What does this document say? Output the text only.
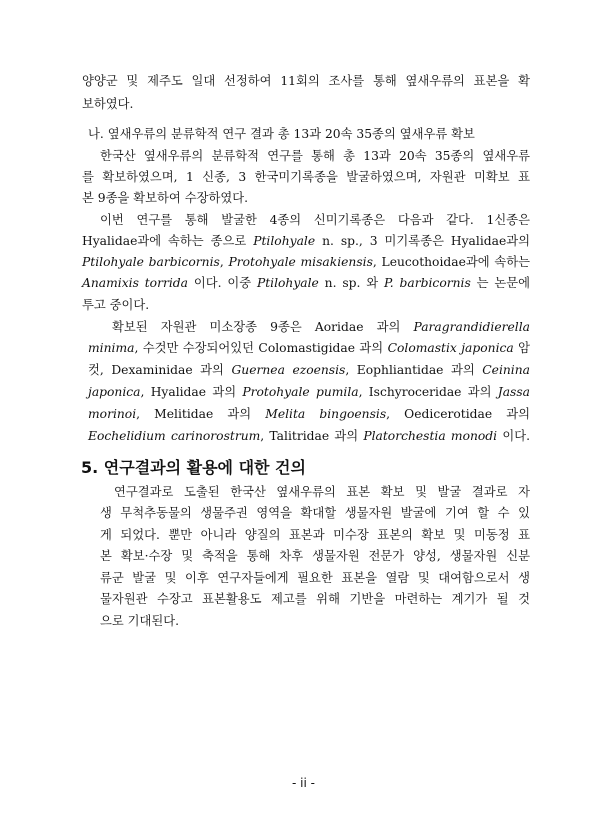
양양군 및 제주도 일대 선정하여 11회의 조사를 통해 옆새우류의 표본을 확
보하였다.
나. 옆새우류의 분류학적 연구 결과 총 13과 20속 35종의 옆새우류 확보
한국산 옆새우류의 분류학적 연구를 통해 총 13과 20속 35종의 옆새우류
를 확보하였으며, 1 신종, 3 한국미기록종을 발굴하였으며, 자원관 미확보 표
본 9종을 확보하여 수장하였다.
이번 연구를 통해 발굴한 4종의 신미기록종은 다음과 같다. 1신종은
Hyalidae과에 속하는 종으로 Ptilohyale n. sp., 3 미기록종은 Hyalidae과의
Ptilohyale barbicornis, Protohyale misakiensis, Leucothoidae과에 속하는
Anamixis torrida 이다. 이중 Ptilohyale n. sp. 와 P. barbicornis 는 논문에
투고 중이다.
확보된 자원관 미소장종 9종은 Aoridae 과의 Paragrandidierella
minima, 수것만 수장되어있던 Colomastigidae 과의 Colomastix japonica 암
컷, Dexaminidae 과의 Guernea ezoensis, Eophliantidae 과의 Ceinina
japonica, Hyalidae 과의 Protohyale pumila, Ischyroceridae 과의 Jassa
morinoi, Melitidae 과의 Melita bingoensis, Oedicerotidae 과의
Eochelidium carinorostrum, Talitridae 과의 Platorchestia monodi 이다.
5. 연구결과의 활용에 대한 건의
연구결과로 도출된 한국산 옆새우류의 표본 확보 및 발굴 결과로 자
생 무척추동물의 생물주권 영역을 확대할 생물자원 발굴에 기여 할 수 있
게 되었다. 뿐만 아니라 양질의 표본과 미수장 표본의 확보 및 미동정 표
본 확보·수장 및 축적을 통해 차후 생물자원 전문가 양성, 생물자원 신분
류군 발굴 및 이후 연구자들에게 필요한 표본을 열람 및 대여함으로서 생
물자원관 수장고 표본활용도 제고를 위해 기반을 마련하는 계기가 될 것
으로 기대된다.
- ii -
